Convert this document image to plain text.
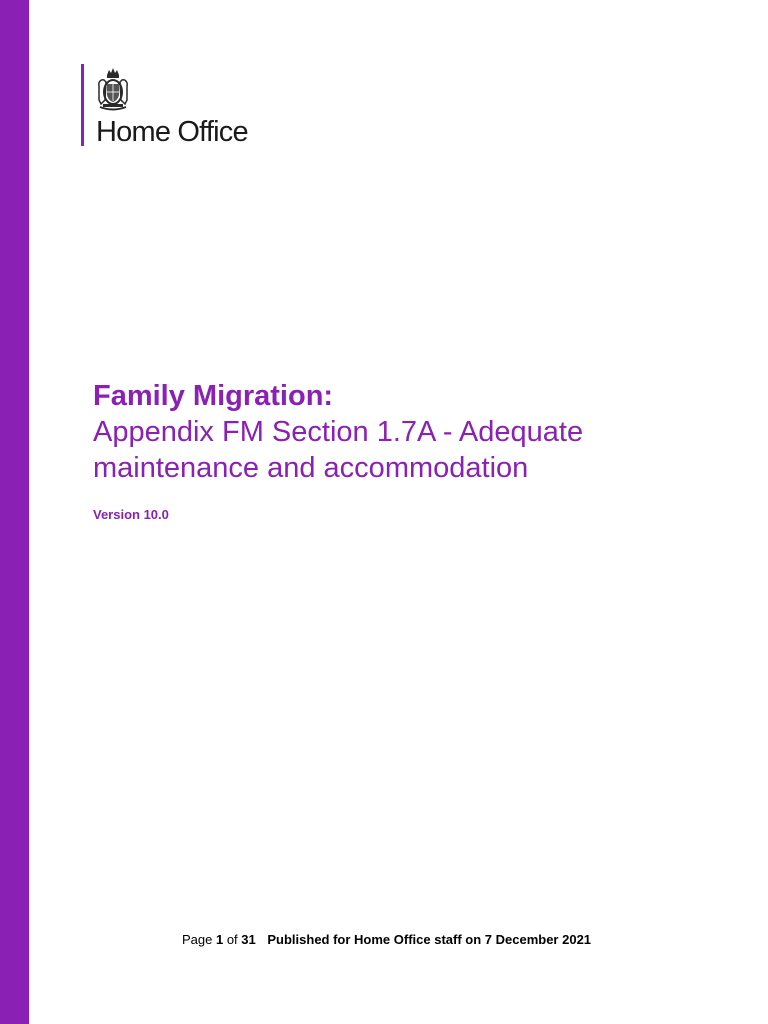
Home Office

Family Migration:

Appendix FM Section 1.7A - Adequate

maintenance and accommodation

Version 10.0
Page 1 of 31 Published for Home Office staff on 7 December 2021
